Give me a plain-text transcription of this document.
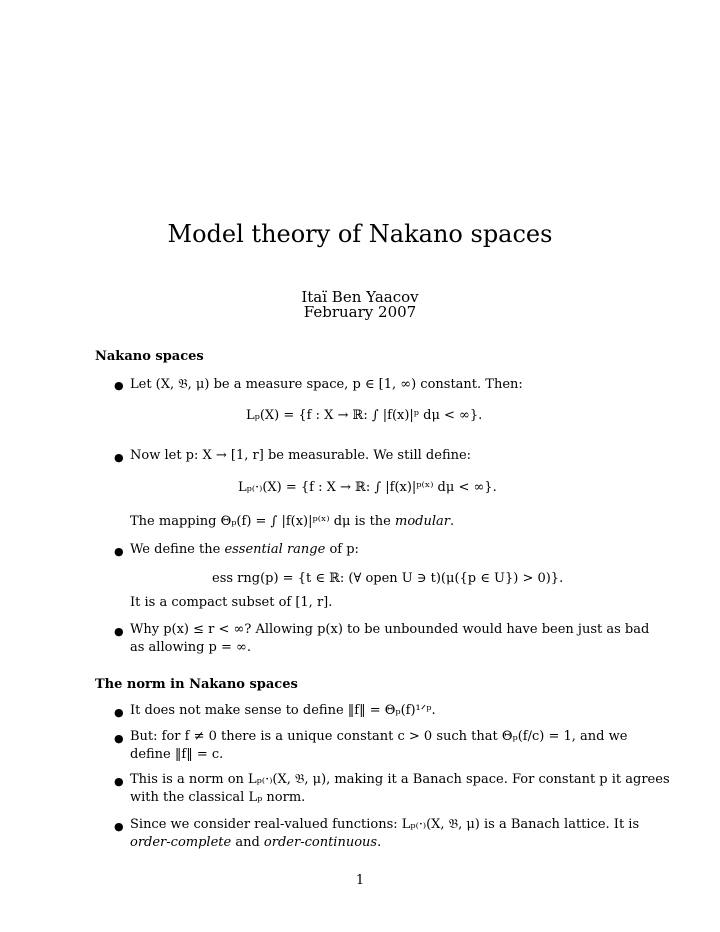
Model theory of Nakano spaces
Itaï Ben Yaacov
February 2007
Nakano spaces
● Let (X, 𝔅, μ) be a measure space, p ∈ [1, ∞) constant. Then:
Lₚ(X) = {f : X → ℝ: ∫ |f(x)|ᵖ dμ < ∞}.
● Now let p: X → [1, r] be measurable. We still define:
Lₚ₍·₎(X) = {f : X → ℝ: ∫ |f(x)|ᵖ⁽ˣ⁾ dμ < ∞}.
The mapping Θₚ(f) = ∫ |f(x)|ᵖ⁽ˣ⁾ dμ is the modular.
● We define the essential range of p:
ess rng(p) = {t ∈ ℝ: (∀ open U ∋ t)(μ({p ∈ U}) > 0)}.
It is a compact subset of [1, r].
● Why p(x) ≤ r < ∞? Allowing p(x) to be unbounded would have been just as bad
as allowing p = ∞.
The norm in Nakano spaces
● It does not make sense to define ‖f‖ = Θₚ(f)¹ᐟᵖ.
● But: for f ≠ 0 there is a unique constant c > 0 such that Θₚ(f/c) = 1, and we
define ‖f‖ = c.
● This is a norm on Lₚ₍·₎(X, 𝔅, μ), making it a Banach space. For constant p it agrees
with the classical Lₚ norm.
● Since we consider real-valued functions: Lₚ₍·₎(X, 𝔅, μ) is a Banach lattice. It is
order-complete and order-continuous.
1
